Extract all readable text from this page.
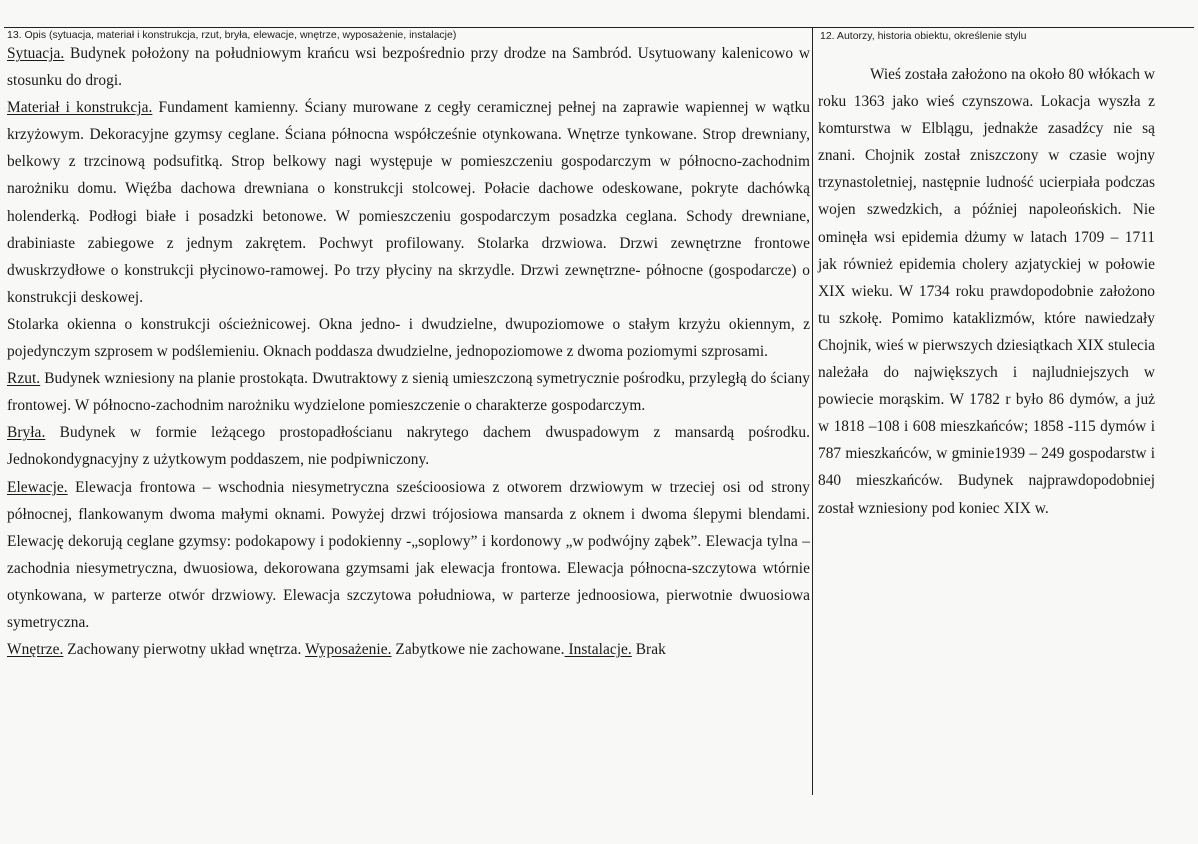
13. Opis (sytuacja, materiał i konstrukcja, rzut, bryła, elewacje, wnętrze, wyposażenie, instalacje)	12. Autorzy, historia obiektu, określenie stylu

Sytuacja. Budynek położony na południowym krańcu wsi bezpośrednio przy drodze na Sambród. Usytuowany kalenicowo w stosunku do drogi.

Materiał i konstrukcja. Fundament kamienny. Ściany murowane z cegły ceramicznej pełnej na zaprawie wapiennej w wątku krzyżowym. Dekoracyjne gzymsy ceglane. Ściana północna współcześnie otynkowana. Wnętrze tynkowane. Strop drewniany, belkowy z trzcinową podsufitką. Strop belkowy nagi występuje w pomieszczeniu gospodarczym w północno-zachodnim narożniku domu. Więźba dachowa drewniana o konstrukcji stolcowej. Połacie dachowe odeskowane, pokryte dachówką holenderką. Podłogi białe i posadzki betonowe. W pomieszczeniu gospodarczym posadzka ceglana. Schody drewniane, drabiniaste zabiegowe z jednym zakrętem. Pochwyt profilowany. Stolarka drzwiowa. Drzwi zewnętrzne frontowe dwuskrzydłowe o konstrukcji płycinowo-ramowej. Po trzy płyciny na skrzydle. Drzwi zewnętrzne- północne (gospodarcze) o konstrukcji deskowej.

Stolarka okienna o konstrukcji ościeżnicowej. Okna jedno- i dwudzielne, dwupoziomowe o stałym krzyżu okiennym, z pojedynczym szprosem w podślemieniu. Oknach poddasza dwudzielne, jednopoziomowe z dwoma poziomymi szprosami.

Rzut. Budynek wzniesiony na planie prostokąta. Dwutraktowy z sienią umieszczoną symetrycznie pośrodku, przyległą do ściany frontowej. W północno-zachodnim narożniku wydzielone pomieszczenie o charakterze gospodarczym.

Bryła. Budynek w formie leżącego prostopadłościanu nakrytego dachem dwuspadowym z mansardą pośrodku. Jednokondygnacyjny z użytkowym poddaszem, nie podpiwniczony.

Elewacje. Elewacja frontowa – wschodnia niesymetryczna sześcioosiowa z otworem drzwiowym w trzeciej osi od strony północnej, flankowanym dwoma małymi oknami. Powyżej drzwi trójosiowa mansarda z oknem i dwoma ślepymi blendami. Elewację dekorują ceglane gzymsy: podokapowy i podokienny -„soplowy” i kordonowy „w podwójny ząbek”. Elewacja tylna – zachodnia niesymetryczna, dwuosiowa, dekorowana gzymsami jak elewacja frontowa. Elewacja północna-szczytowa wtórnie otynkowana, w parterze otwór drzwiowy. Elewacja szczytowa południowa, w parterze jednoosiowa, pierwotnie dwuosiowa symetryczna.

Wnętrze. Zachowany pierwotny układ wnętrza. Wyposażenie. Zabytkowe nie zachowane. Instalacje. Brak

Wieś została założono na około 80 włókach w roku 1363 jako wieś czynszowa. Lokacja wyszła z komturstwa w Elblągu, jednakże zasadźcy nie są znani. Chojnik został zniszczony w czasie wojny trzynastoletniej, następnie ludność ucierpiała podczas wojen szwedzkich, a później napoleońskich. Nie ominęła wsi epidemia dżumy w latach 1709 – 1711 jak również epidemia cholery azjatyckiej w połowie XIX wieku. W 1734 roku prawdopodobnie założono tu szkołę. Pomimo kataklizmów, które nawiedzały Chojnik, wieś w pierwszych dziesiątkach XIX stulecia należała do największych i najludniejszych w powiecie morąskim. W 1782 r było 86 dymów, a już w 1818 –108 i 608 mieszkańców; 1858 -115 dymów i 787 mieszkańców, w gminie1939 – 249 gospodarstw i 840 mieszkańców. Budynek najprawdopodobniej został wzniesiony pod koniec XIX w.
